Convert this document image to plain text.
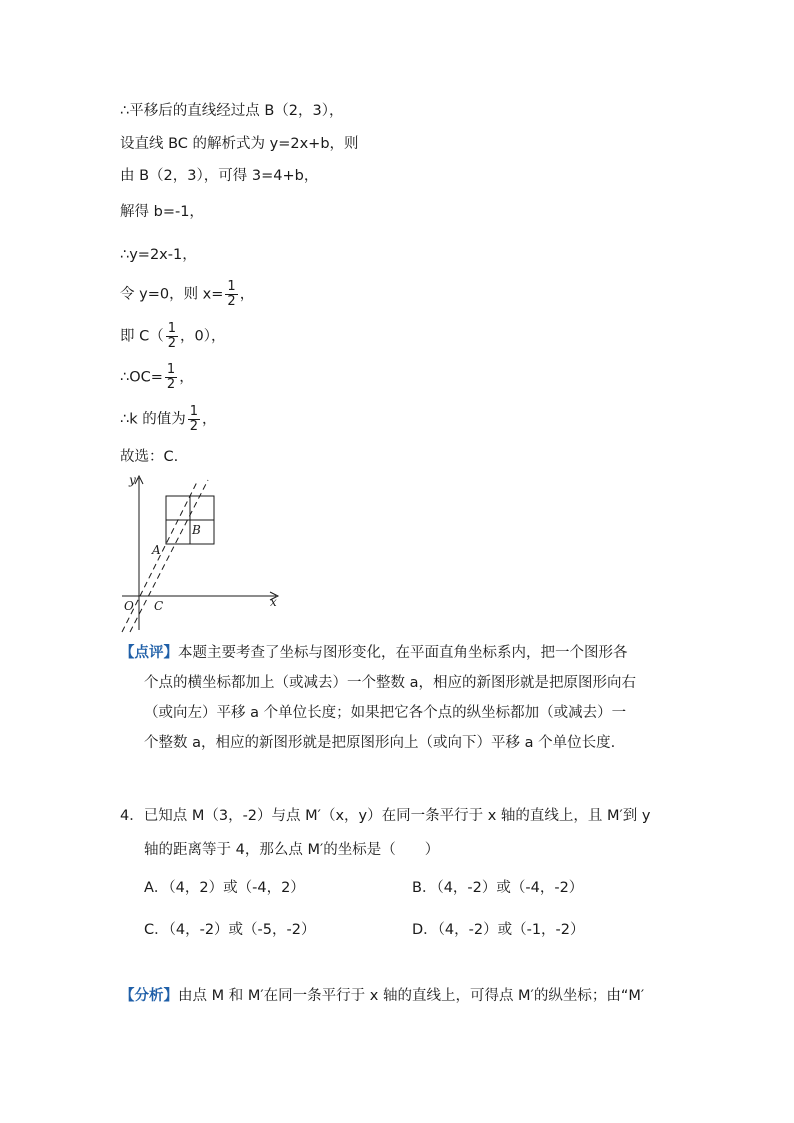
∴平移后的直线经过点 B（2，3），
设直线 BC 的解析式为 y=2x+b，则
由 B（2，3），可得 3=4+b，
解得 b=-1，
∴y=2x-1，
令 y=0，则 $x= \frac{1}{2}$ ，
即 $C( \frac{1}{2}$ ，0），
∴OC= $\frac{1}{2}$ ，
∴k 的值为 $\frac{1}{2}$ ，
故选：C.
y
x
O
A
B
C
【点评】本题主要考查了坐标与图形变化，在平面直角坐标系内，把一个图形各
个点的横坐标都加上（或减去）一个整数 a，相应的新图形就是把原图形向右
（或向左）平移 a 个单位长度；如果把它各个点的纵坐标都加（或减去）一
个整数 a，相应的新图形就是把原图形向上（或向下）平移 a 个单位长度.
4．已知点 M（3，-2）与点 M′（x，y）在同一条平行于 x 轴的直线上，且 M′到 y
轴的距离等于 4，那么点 M′的坐标是（　　）
A．（4，2）或（-4，2）	B．（4，-2）或（-4，-2）
C．（4，-2）或（-5，-2）	D．（4，-2）或（-1，-2）
【分析】由点 M 和 M′在同一条平行于 x 轴的直线上，可得点 M′的纵坐标；由“M′
